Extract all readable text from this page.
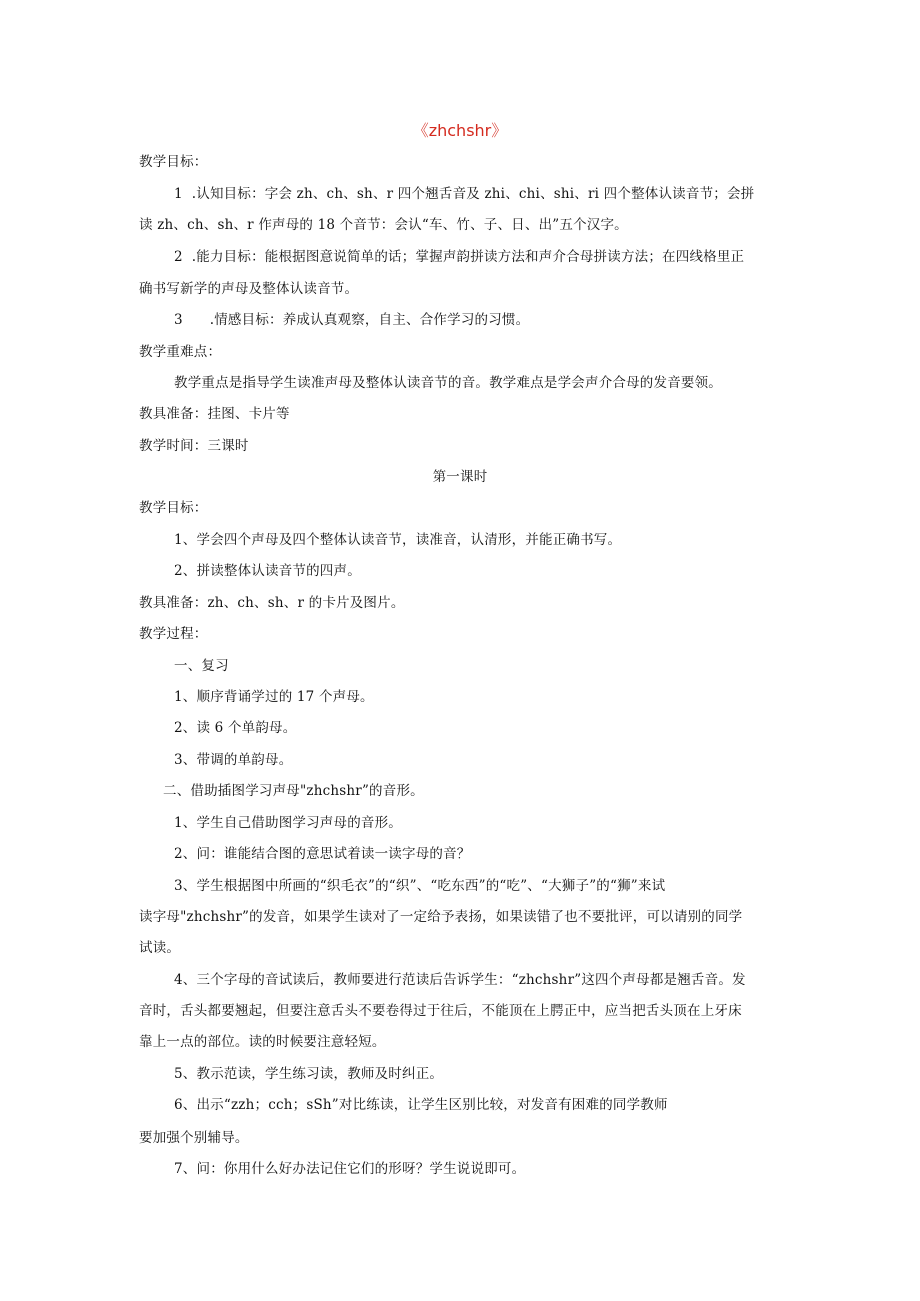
《zhchshr》
教学目标：
1  .认知目标：字会 zh、ch、sh、r 四个翘舌音及 zhi、chi、shi、ri 四个整体认读音节；会拼
读 zh、ch、sh、r 作声母的 18 个音节：会认“车、竹、子、日、出”五个汉字。
2  .能力目标：能根据图意说简单的话；掌握声韵拼读方法和声介合母拼读方法；在四线格里正
确书写新学的声母及整体认读音节。
3      .情感目标：养成认真观察，自主、合作学习的习惯。
教学重难点：
教学重点是指导学生读准声母及整体认读音节的音。教学难点是学会声介合母的发音要领。
教具准备：挂图、卡片等
教学时间：三课时
第一课时
教学目标：
1、学会四个声母及四个整体认读音节，读准音，认清形，并能正确书写。
2、拼读整体认读音节的四声。
教具准备：zh、ch、sh、r 的卡片及图片。
教学过程：
一、复习
1、顺序背诵学过的 17 个声母。
2、读 6 个单韵母。
3、带调的单韵母。
二、借助插图学习声母"zhchshr”的音形。
1、学生自己借助图学习声母的音形。
2、问：谁能结合图的意思试着读一读字母的音？
3、学生根据图中所画的“织毛衣”的“织”、“吃东西”的“吃”、“大狮子”的“狮”来试
读字母"zhchshr”的发音，如果学生读对了一定给予表扬，如果读错了也不要批评，可以请别的同学
试读。
4、三个字母的音试读后，教师要进行范读后告诉学生：“zhchshr”这四个声母都是翘舌音。发
音时，舌头都要翘起，但要注意舌头不要卷得过于往后，不能顶在上腭正中，应当把舌头顶在上牙床
靠上一点的部位。读的时候要注意轻短。
5、教示范读，学生练习读，教师及时纠正。
6、出示“zzh；cch；sSh”对比练读，让学生区别比较，对发音有困难的同学教师
要加强个别辅导。
7、问：你用什么好办法记住它们的形呀？学生说说即可。
